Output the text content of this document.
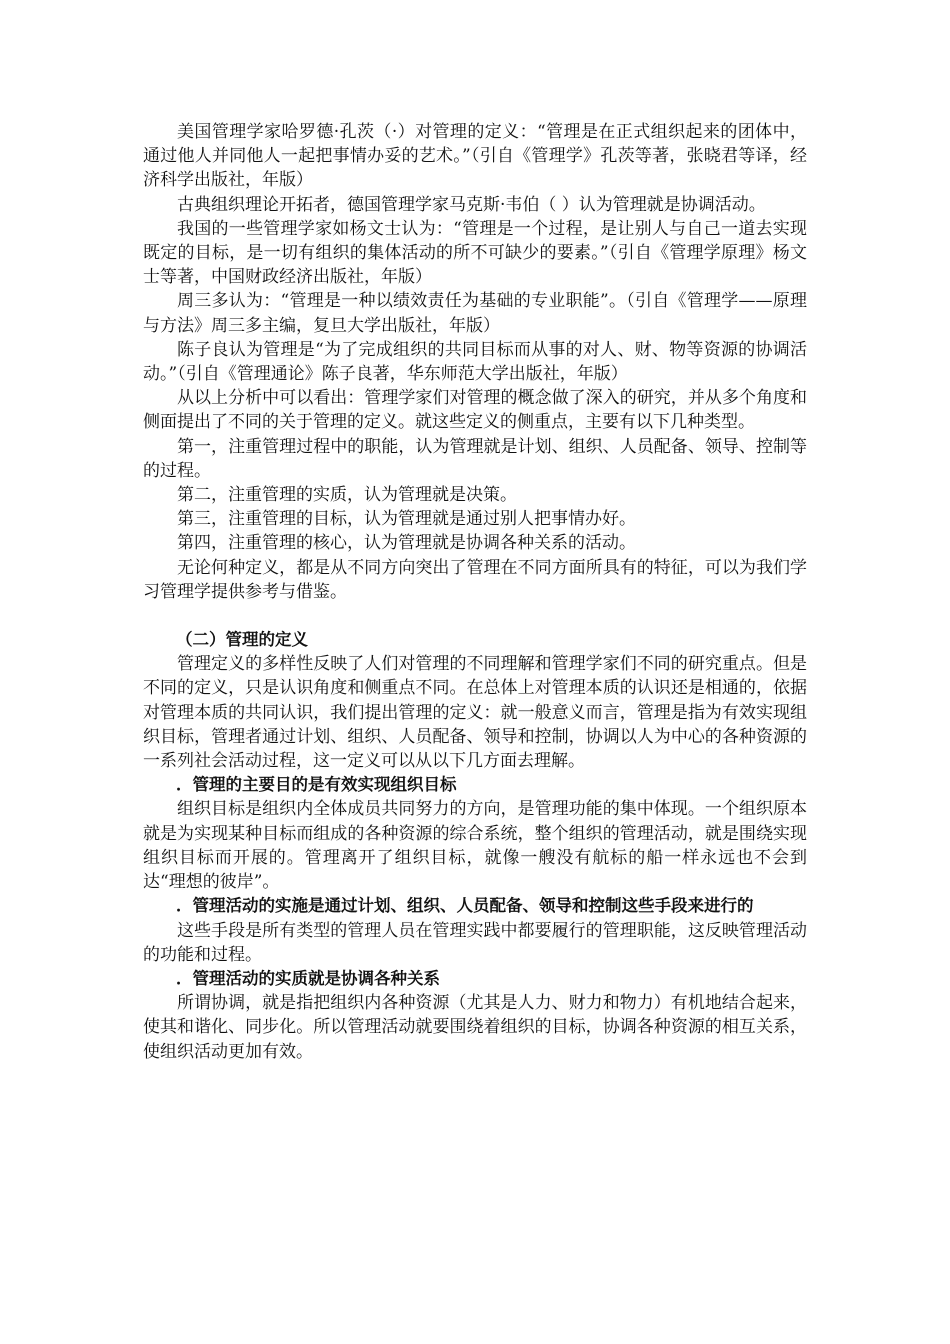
美国管理学家哈罗德·孔茨（·）对管理的定义：“管理是在正式组织起来的团体中，通过他人并同他人一起把事情办妥的艺术。”（引自《管理学》孔茨等著，张晓君等译，经济科学出版社，年版）

古典组织理论开拓者，德国管理学家马克斯·韦伯（ ）认为管理就是协调活动。

我国的一些管理学家如杨文士认为：“管理是一个过程，是让别人与自己一道去实现既定的目标，是一切有组织的集体活动的所不可缺少的要素。”（引自《管理学原理》杨文士等著，中国财政经济出版社，年版）

周三多认为：“管理是一种以绩效责任为基础的专业职能”。（引自《管理学——原理与方法》周三多主编，复旦大学出版社，年版）

陈子良认为管理是“为了完成组织的共同目标而从事的对人、财、物等资源的协调活动。”（引自《管理通论》陈子良著，华东师范大学出版社，年版）

从以上分析中可以看出：管理学家们对管理的概念做了深入的研究，并从多个角度和侧面提出了不同的关于管理的定义。就这些定义的侧重点，主要有以下几种类型。

第一，注重管理过程中的职能，认为管理就是计划、组织、人员配备、领导、控制等的过程。

第二，注重管理的实质，认为管理就是决策。

第三，注重管理的目标，认为管理就是通过别人把事情办好。

第四，注重管理的核心，认为管理就是协调各种关系的活动。

无论何种定义，都是从不同方向突出了管理在不同方面所具有的特征，可以为我们学习管理学提供参考与借鉴。

（二）管理的定义

管理定义的多样性反映了人们对管理的不同理解和管理学家们不同的研究重点。但是不同的定义，只是认识角度和侧重点不同。在总体上对管理本质的认识还是相通的，依据对管理本质的共同认识，我们提出管理的定义：就一般意义而言，管理是指为有效实现组织目标，管理者通过计划、组织、人员配备、领导和控制，协调以人为中心的各种资源的一系列社会活动过程，这一定义可以从以下几方面去理解。

．管理的主要目的是有效实现组织目标

组织目标是组织内全体成员共同努力的方向，是管理功能的集中体现。一个组织原本就是为实现某种目标而组成的各种资源的综合系统，整个组织的管理活动，就是围绕实现组织目标而开展的。管理离开了组织目标，就像一艘没有航标的船一样永远也不会到达“理想的彼岸”。

．管理活动的实施是通过计划、组织、人员配备、领导和控制这些手段来进行的

这些手段是所有类型的管理人员在管理实践中都要履行的管理职能，这反映管理活动的功能和过程。

．管理活动的实质就是协调各种关系

所谓协调，就是指把组织内各种资源（尤其是人力、财力和物力）有机地结合起来，使其和谐化、同步化。所以管理活动就要围绕着组织的目标，协调各种资源的相互关系，使组织活动更加有效。
